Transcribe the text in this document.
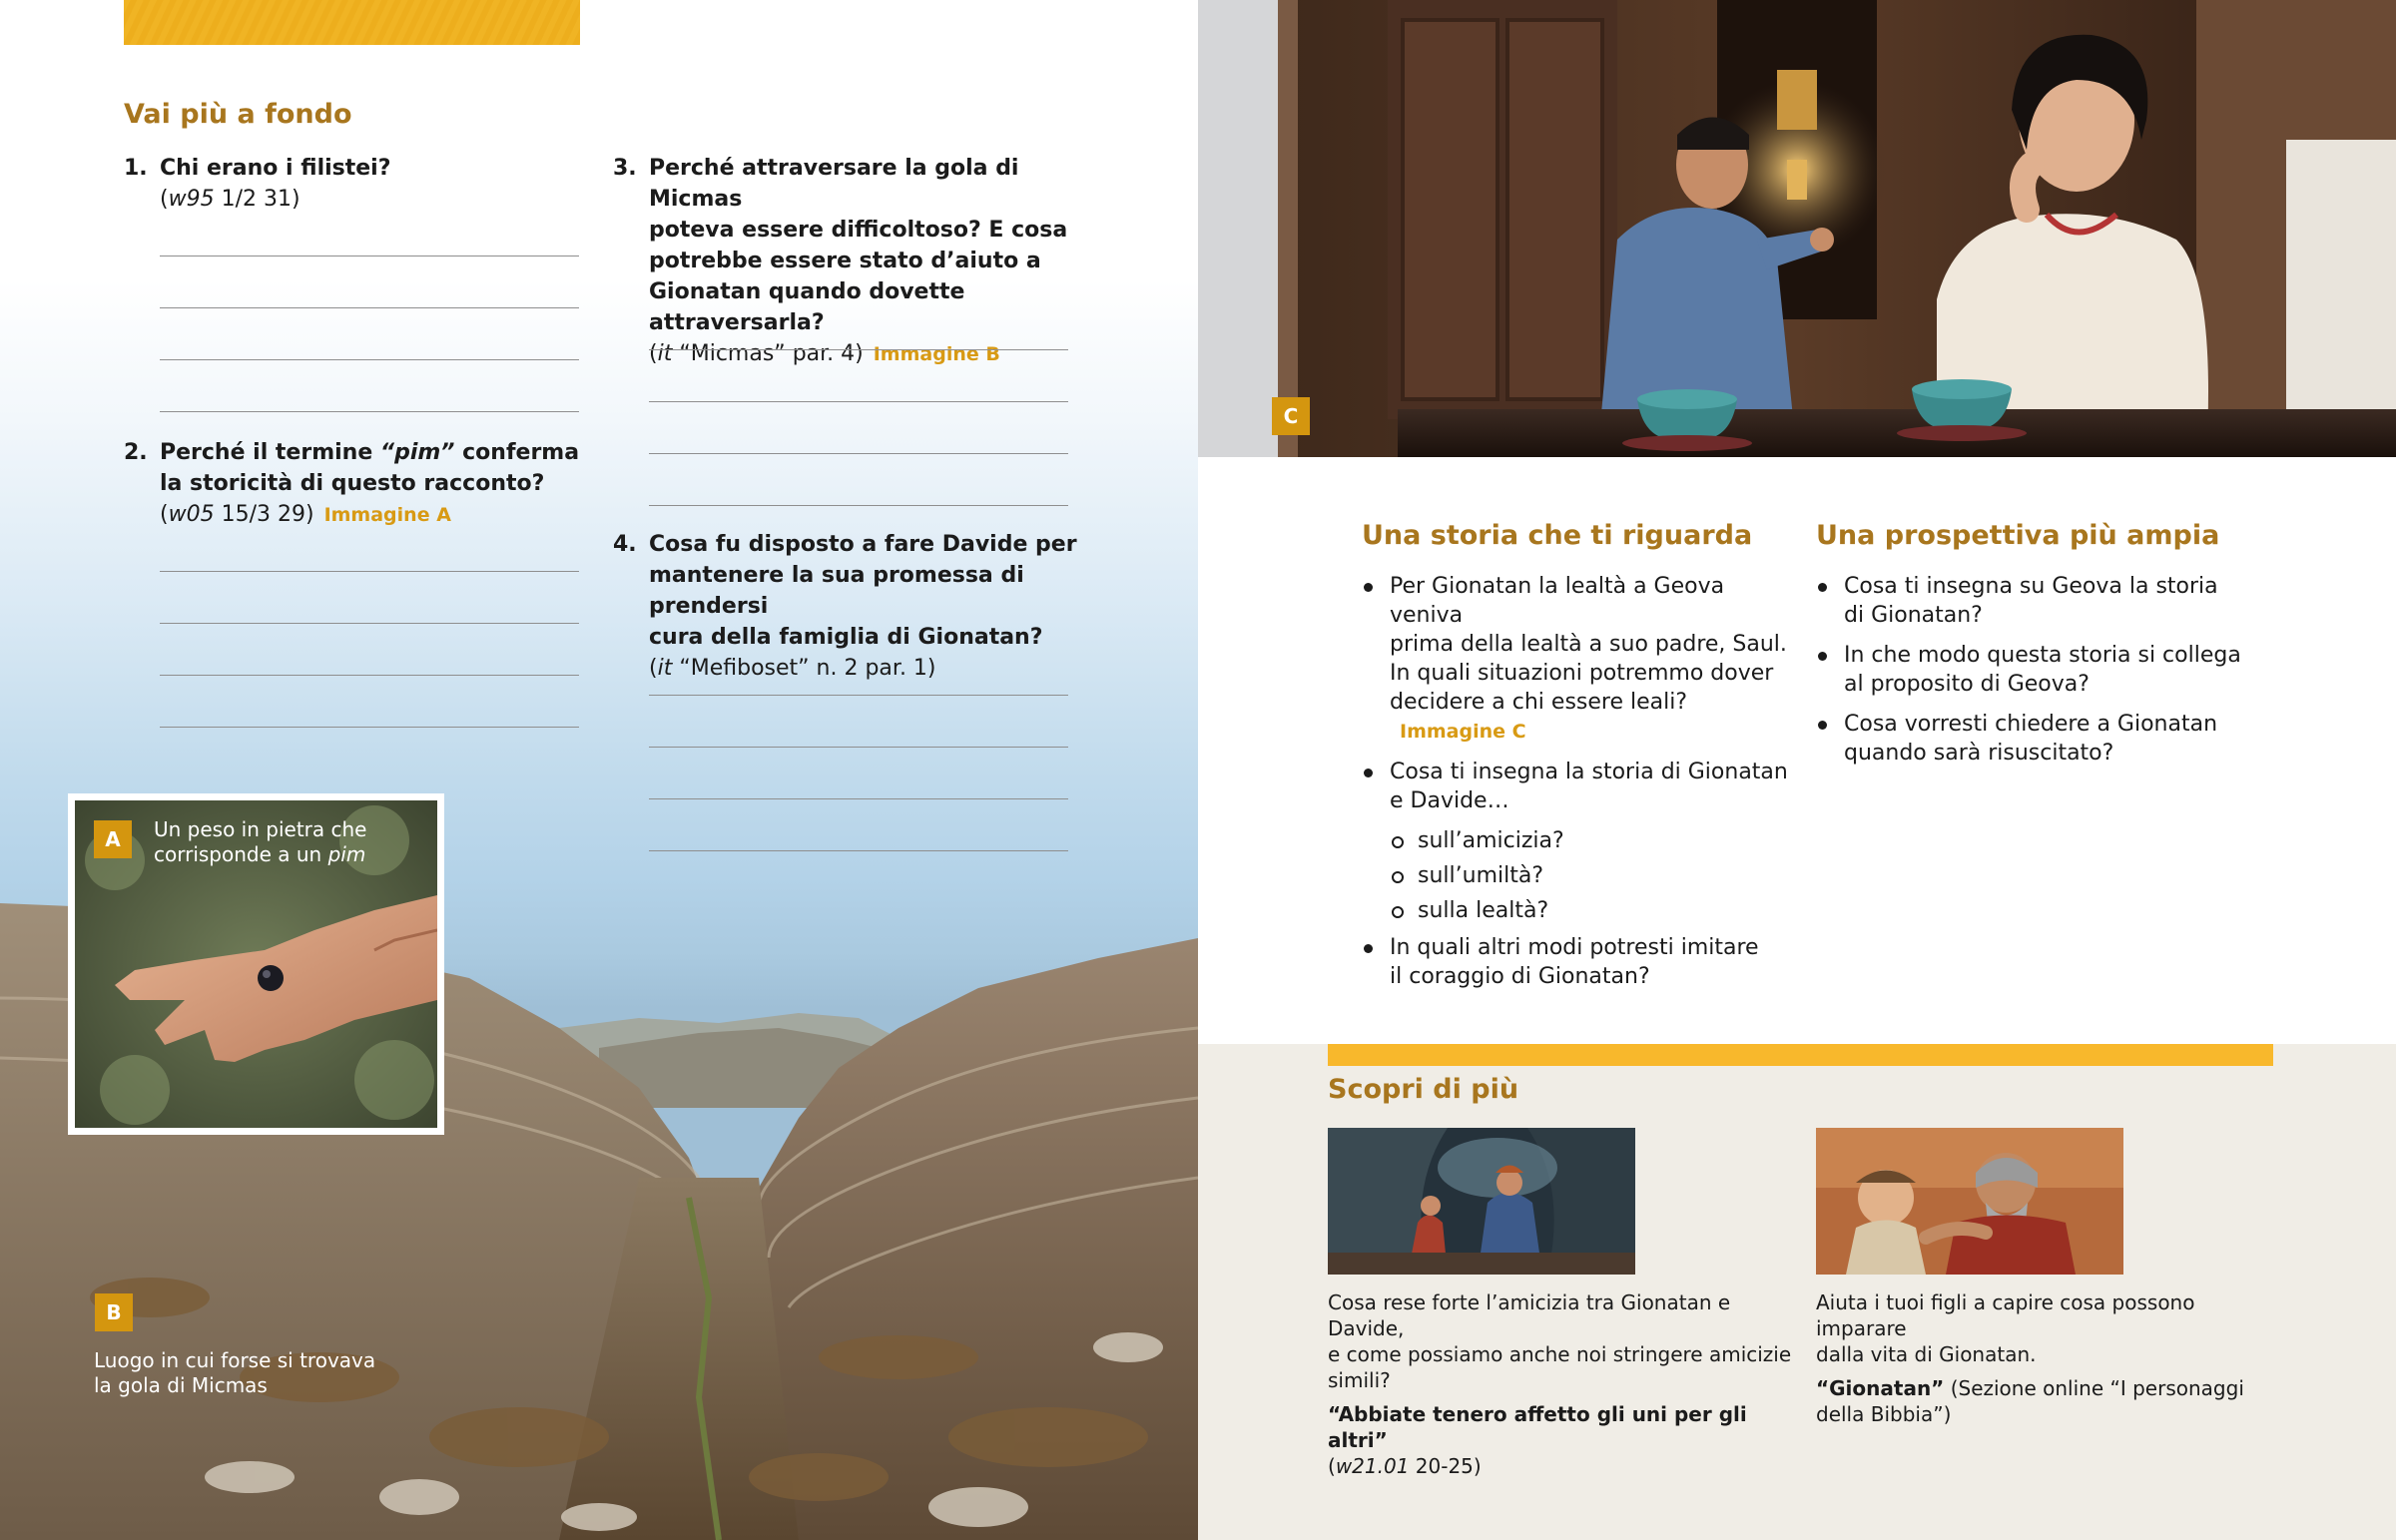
Vai più a fondo
1. Chi erano i filistei?
(w95 1/2 31)
2. Perché il termine “pim” conferma
la storicità di questo racconto?
(w05 15/3 29) Immagine A
3. Perché attraversare la gola di Micmas
poteva essere difficoltoso? E cosa
potrebbe essere stato d’aiuto a
Gionatan quando dovette attraversarla?
(it “Micmas” par. 4) Immagine B
4. Cosa fu disposto a fare Davide per
mantenere la sua promessa di prendersi
cura della famiglia di Gionatan?
(it “Mefiboset” n. 2 par. 1)
A	Un peso in pietra che
corrisponde a un pim
B
Luogo in cui forse si trovava
la gola di Micmas
C
Una storia che ti riguarda
Per Gionatan la lealtà a Geova veniva
prima della lealtà a suo padre, Saul.
In quali situazioni potremmo dover
decidere a chi essere leali?Immagine C
Cosa ti insegna la storia di Gionatan
e Davide…
sull’amicizia?
sull’umiltà?
sulla lealtà?
In quali altri modi potresti imitare
il coraggio di Gionatan?
Una prospettiva più ampia
Cosa ti insegna su Geova la storia
di Gionatan?
In che modo questa storia si collega
al proposito di Geova?
Cosa vorresti chiedere a Gionatan
quando sarà risuscitato?
Scopri di più
Cosa rese forte l’amicizia tra Gionatan e Davide,
e come possiamo anche noi stringere amicizie
simili?
“Abbiate tenero affetto gli uni per gli altri”
(w21.01 20-25)
Aiuta i tuoi figli a capire cosa possono imparare
dalla vita di Gionatan.
“Gionatan” (Sezione online “I personaggi
della Bibbia”)
